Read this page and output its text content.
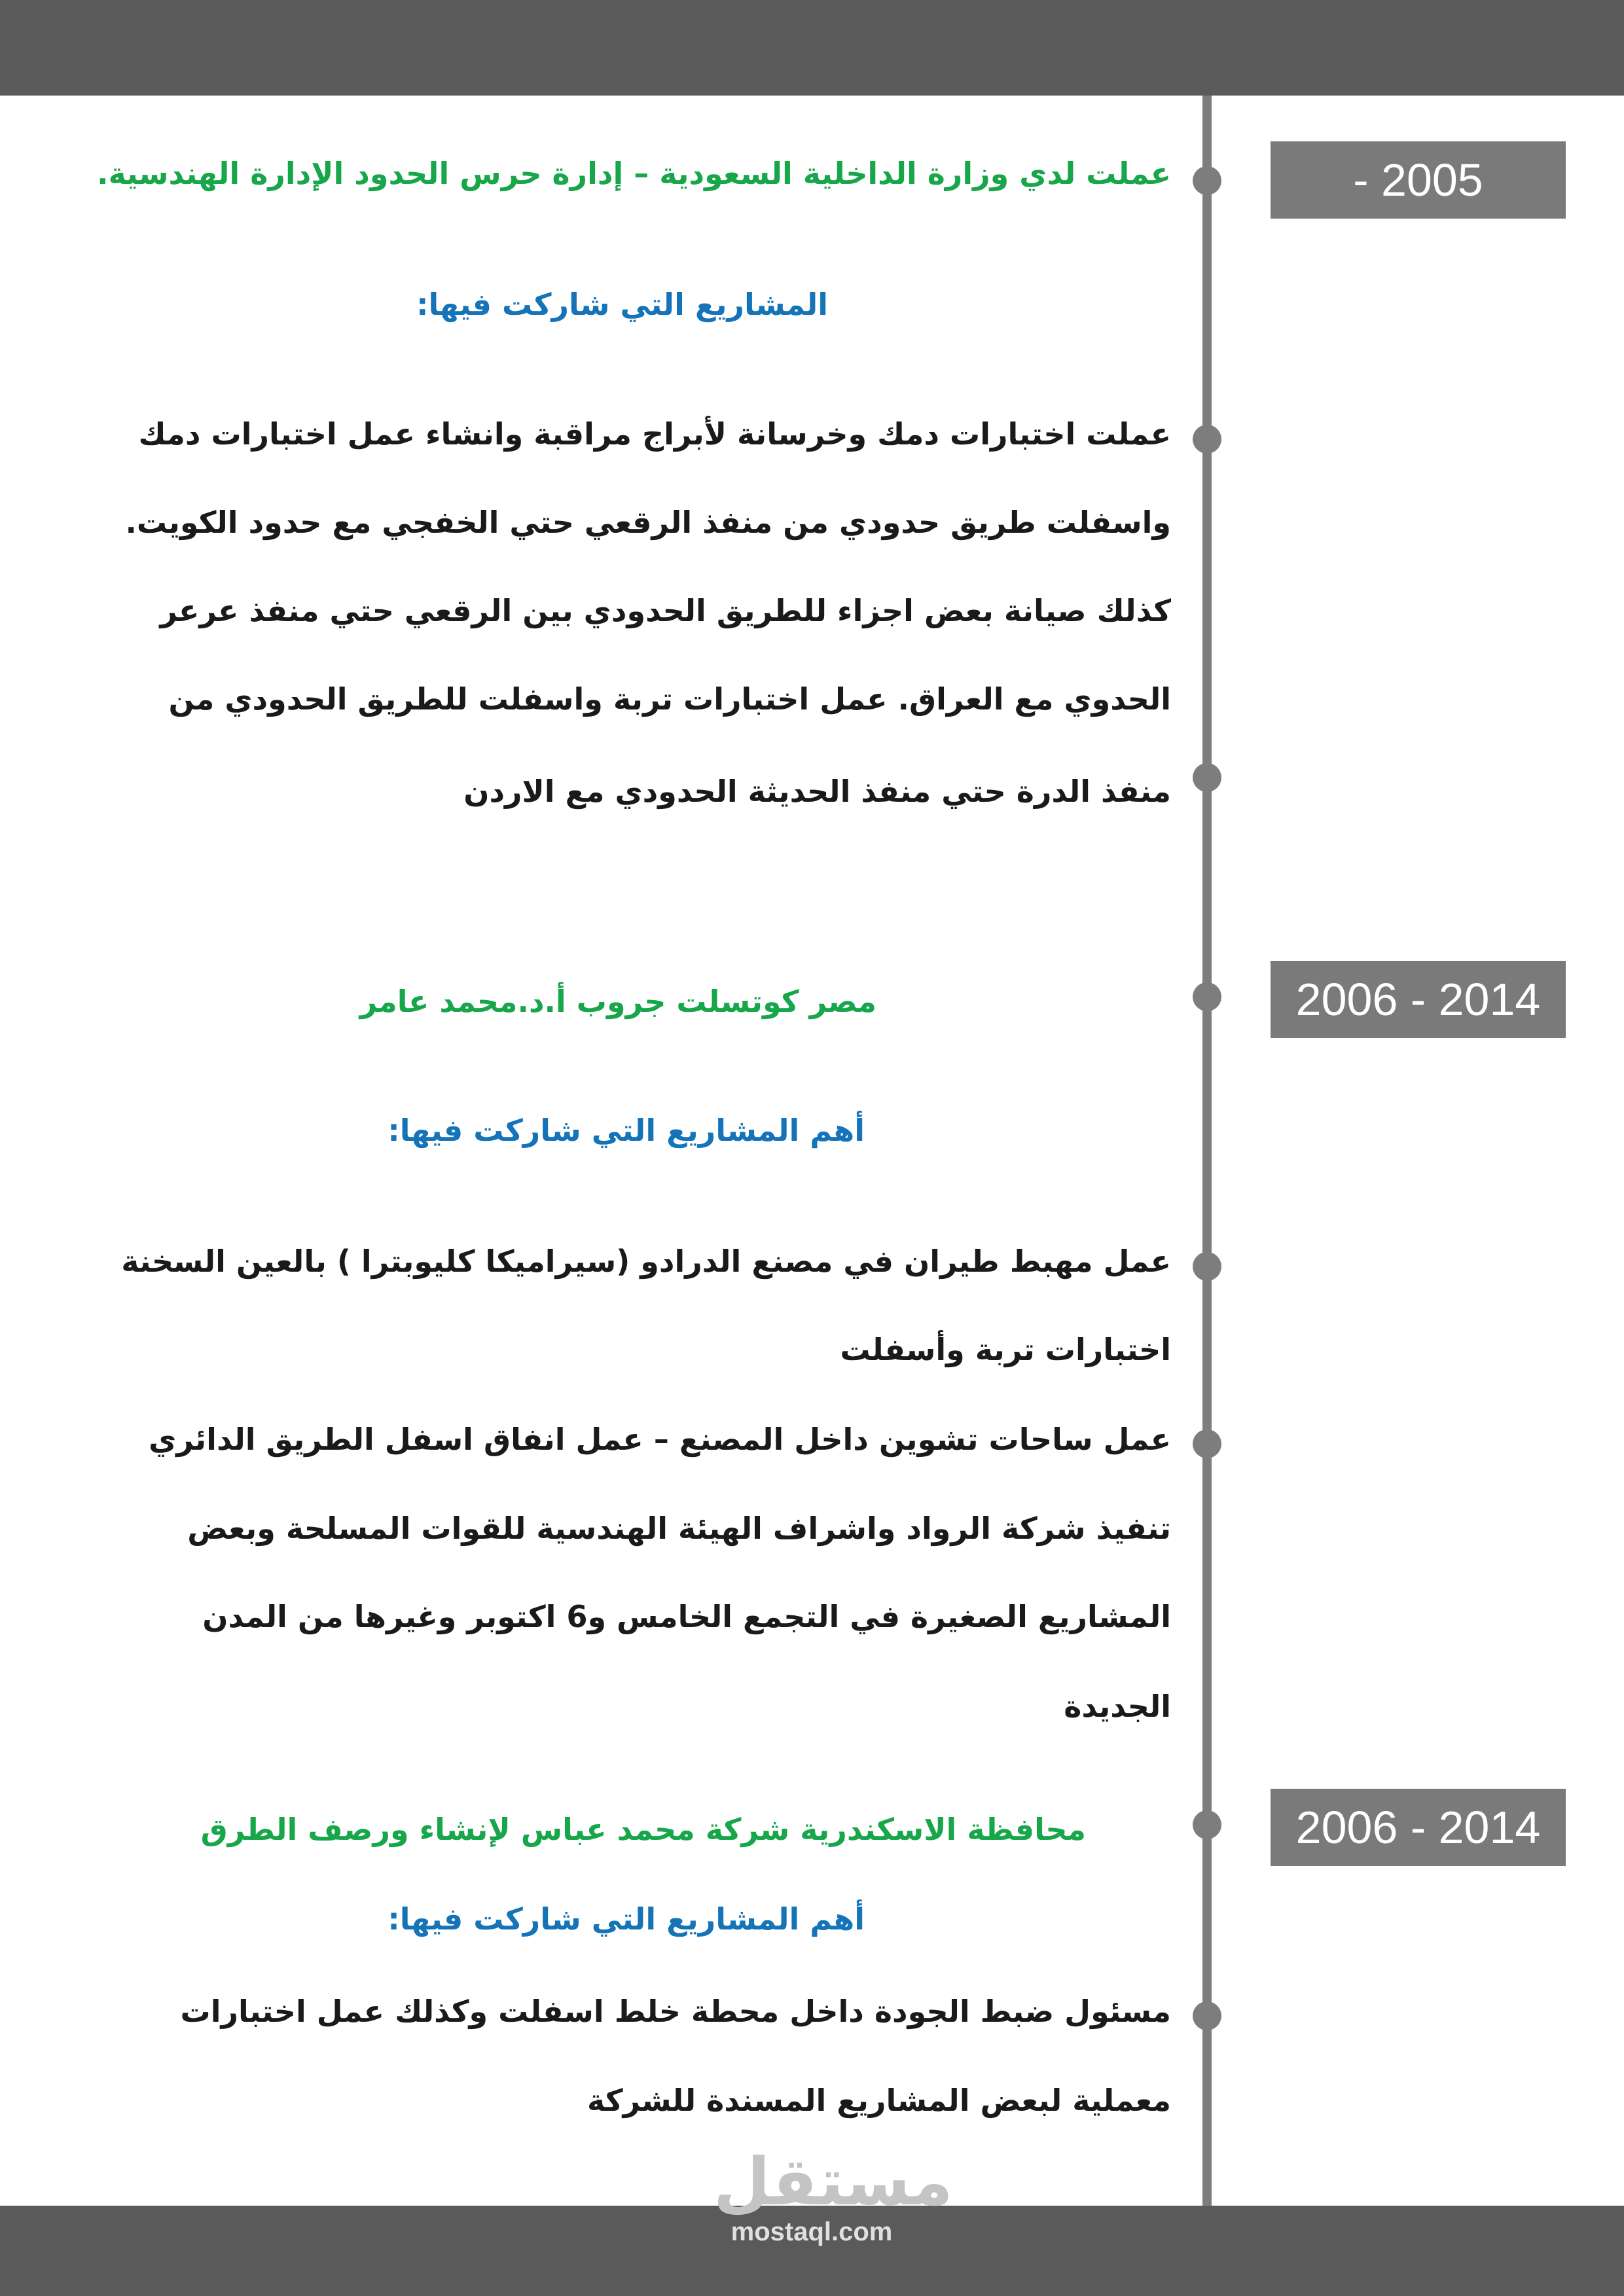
- 2005
عملت لدي وزارة الداخلية السعودية – إدارة حرس الحدود الإدارة الهندسية.
المشاريع التي شاركت فيها:
عملت اختبارات دمك وخرسانة لأبراج مراقبة وانشاء عمل اختبارات دمك
واسفلت طريق حدودي من منفذ الرقعي حتي الخفجي مع حدود الكويت.
كذلك صيانة بعض اجزاء للطريق الحدودي بين الرقعي حتي منفذ عرعر
الحدوي مع العراق. عمل اختبارات تربة واسفلت للطريق الحدودي من
منفذ الدرة حتي منفذ الحديثة الحدودي مع الاردن
2006 - 2014
مصر كوتسلت جروب أ.د.محمد عامر
أهم المشاريع التي شاركت فيها:
عمل مهبط طيران في مصنع الدرادو (سيراميكا كليوبترا ) بالعين السخنة
اختبارات تربة وأسفلت
عمل ساحات تشوين داخل المصنع – عمل انفاق اسفل الطريق الدائري
تنفيذ شركة الرواد واشراف الهيئة الهندسية للقوات المسلحة وبعض
المشاريع الصغيرة في التجمع الخامس و6 اكتوبر وغيرها من المدن
الجديدة
2006 - 2014
محافظة الاسكندرية شركة محمد عباس لإنشاء ورصف الطرق
أهم المشاريع التي شاركت فيها:
مسئول ضبط الجودة داخل محطة خلط اسفلت وكذلك عمل اختبارات
معملية لبعض المشاريع المسندة للشركة
مستقل
mostaql.com
